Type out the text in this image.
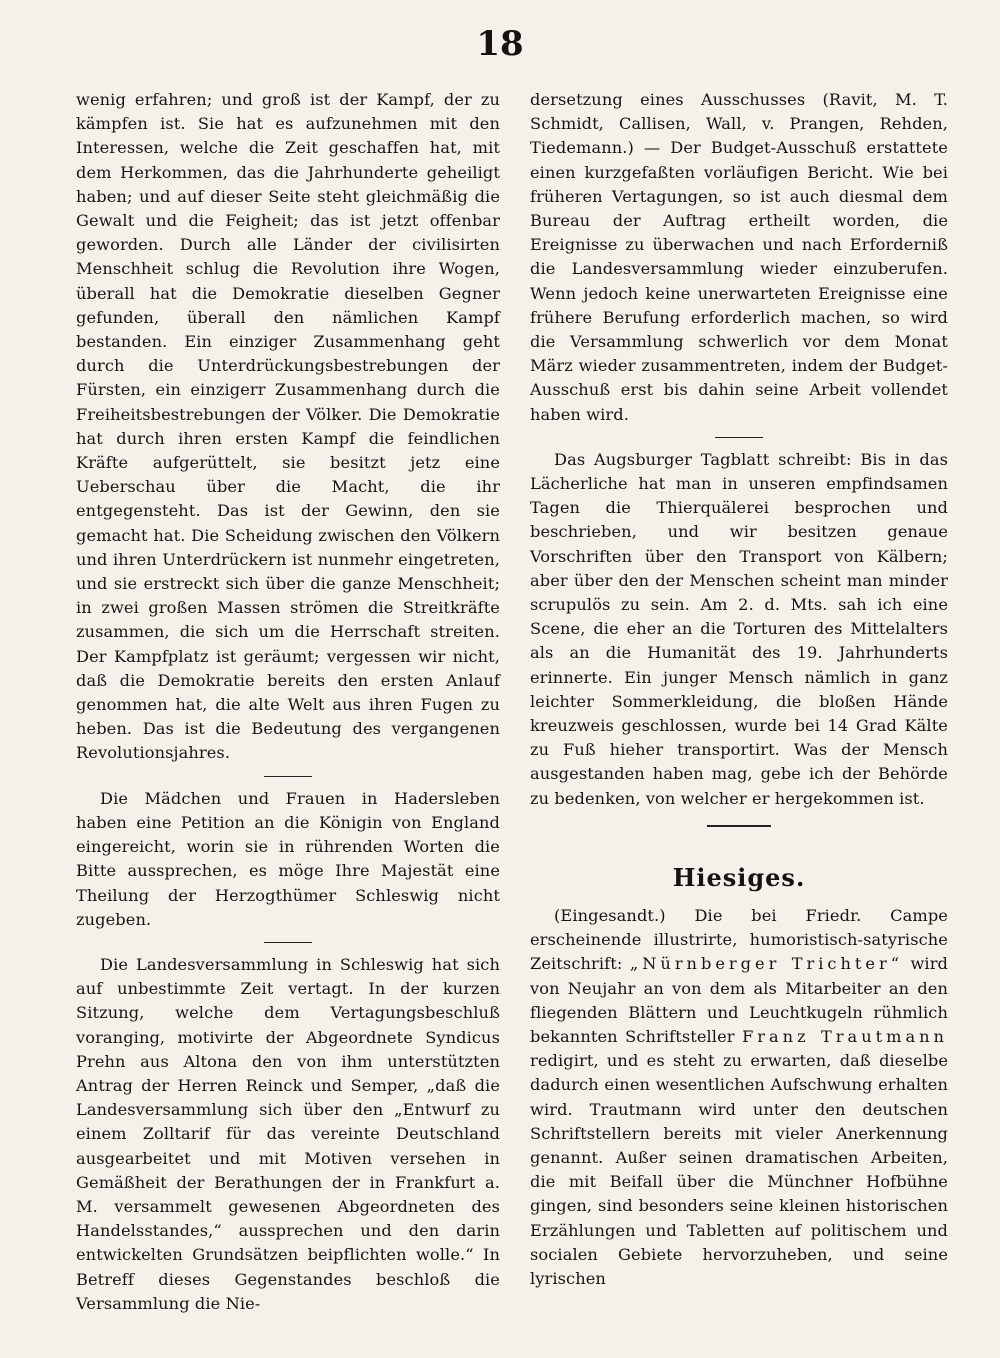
18

wenig erfahren; und groß ist der Kampf, der zu kämpfen ist. Sie hat es aufzunehmen mit den Interessen, welche die Zeit geschaffen hat, mit dem Herkommen, das die Jahrhunderte geheiligt haben; und auf dieser Seite steht gleichmäßig die Gewalt und die Feigheit; das ist jetzt offenbar geworden. Durch alle Länder der civilisirten Menschheit schlug die Revolution ihre Wogen, überall hat die Demokratie dieselben Gegner gefunden, überall den nämlichen Kampf bestanden. Ein einziger Zusammenhang geht durch die Unterdrückungsbestrebungen der Fürsten, ein einzigerr Zusammenhang durch die Freiheitsbestrebungen der Völker. Die Demokratie hat durch ihren ersten Kampf die feindlichen Kräfte aufgerüttelt, sie besitzt jetz eine Ueberschau über die Macht, die ihr entgegensteht. Das ist der Gewinn, den sie gemacht hat. Die Scheidung zwischen den Völkern und ihren Unterdrückern ist nunmehr eingetreten, und sie erstreckt sich über die ganze Menschheit; in zwei großen Massen strömen die Streitkräfte zusammen, die sich um die Herrschaft streiten. Der Kampfplatz ist geräumt; vergessen wir nicht, daß die Demokratie bereits den ersten Anlauf genommen hat, die alte Welt aus ihren Fugen zu heben. Das ist die Bedeutung des vergangenen Revolutionsjahres.

Die Mädchen und Frauen in Hadersleben haben eine Petition an die Königin von England eingereicht, worin sie in rührenden Worten die Bitte aussprechen, es möge Ihre Majestät eine Theilung der Herzogthümer Schleswig nicht zugeben.

Die Landesversammlung in Schleswig hat sich auf unbestimmte Zeit vertagt. In der kurzen Sitzung, welche dem Vertagungsbeschluß voranging, motivirte der Abgeordnete Syndicus Prehn aus Altona den von ihm unterstützten Antrag der Herren Reinck und Semper, „daß die Landesversammlung sich über den „Entwurf zu einem Zolltarif für das vereinte Deutschland ausgearbeitet und mit Motiven versehen in Gemäßheit der Berathungen der in Frankfurt a. M. versammelt gewesenen Abgeordneten des Handelsstandes,“ aussprechen und den darin entwickelten Grundsätzen beipflichten wolle.“ In Betreff dieses Gegenstandes beschloß die Versammlung die Nie-

dersetzung eines Ausschusses (Ravit, M. T. Schmidt, Callisen, Wall, v. Prangen, Rehden, Tiedemann.) — Der Budget-Ausschuß erstattete einen kurzgefaßten vorläufigen Bericht. Wie bei früheren Vertagungen, so ist auch diesmal dem Bureau der Auftrag ertheilt worden, die Ereignisse zu überwachen und nach Erforderniß die Landesversammlung wieder einzuberufen. Wenn jedoch keine unerwarteten Ereignisse eine frühere Berufung erforderlich machen, so wird die Versammlung schwerlich vor dem Monat März wieder zusammentreten, indem der Budget-Ausschuß erst bis dahin seine Arbeit vollendet haben wird.

Das Augsburger Tagblatt schreibt: Bis in das Lächerliche hat man in unseren empfindsamen Tagen die Thierquälerei besprochen und beschrieben, und wir besitzen genaue Vorschriften über den Transport von Kälbern; aber über den der Menschen scheint man minder scrupulös zu sein. Am 2. d. Mts. sah ich eine Scene, die eher an die Torturen des Mittelalters als an die Humanität des 19. Jahrhunderts erinnerte. Ein junger Mensch nämlich in ganz leichter Sommerkleidung, die bloßen Hände kreuzweis geschlossen, wurde bei 14 Grad Kälte zu Fuß hieher transportirt. Was der Mensch ausgestanden haben mag, gebe ich der Behörde zu bedenken, von welcher er hergekommen ist.

Hiesiges.

(Eingesandt.) Die bei Friedr. Campe erscheinende illustrirte, humoristisch-satyrische Zeitschrift: „Nürnberger Trichter“ wird von Neujahr an von dem als Mitarbeiter an den fliegenden Blättern und Leuchtkugeln rühmlich bekannten Schriftsteller Franz Trautmann redigirt, und es steht zu erwarten, daß dieselbe dadurch einen wesentlichen Aufschwung erhalten wird. Trautmann wird unter den deutschen Schriftstellern bereits mit vieler Anerkennung genannt. Außer seinen dramatischen Arbeiten, die mit Beifall über die Münchner Hofbühne gingen, sind besonders seine kleinen historischen Erzählungen und Tabletten auf politischem und socialen Gebiete hervorzuheben, und seine lyrischen
